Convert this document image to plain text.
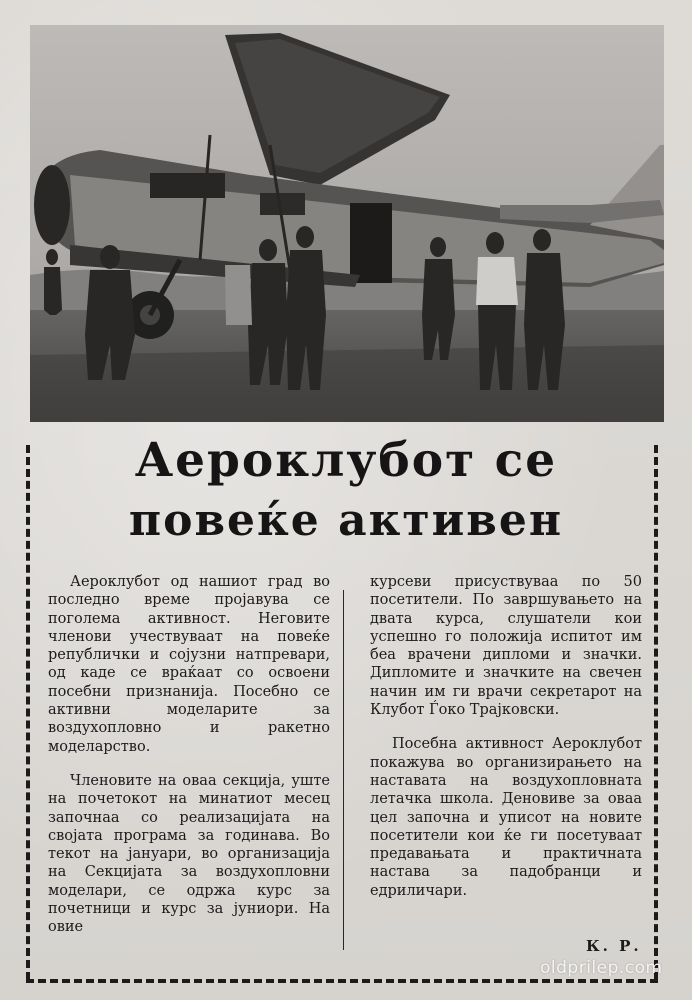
Аероклубот се
повеќе активен

Аероклубот од нашиот град во последно време проjавува се поголема активност. Неговите членови учествуваат на повеќе републички и сојузни натпревари, од каде се враќаат со освоени посебни признанија. Посебно се активни моделарите за воздухопловно и ракетно моделарство.

Членовите на оваа секција, уште на почетокот на минатиот месец започнаа со реализацијата на својата програма за годинава. Во текот на јануари, во организација на Секцијата за воздухопловни моделари, се одржа курс за почетници и курс за јуниори. На овие

курсеви присуствуваа по 50 посетители. По завршувањето на двата курса, слушатели кои успешно го положија испитот им беа врачени дипломи и значки. Дипломите и значките на свечен начин им ги врачи секретарот на Клубот Ѓоко Трајковски.

Посебна активност Аероклубот покажува во организирањето на наставата на воздухопловната летачка школа. Деновиве за оваа цел започна и уписот на новите посетители кои ќе ги посетуваат предавањата и практичната настава за падобранци и едриличари.

К. Р.
oldprilep.com
